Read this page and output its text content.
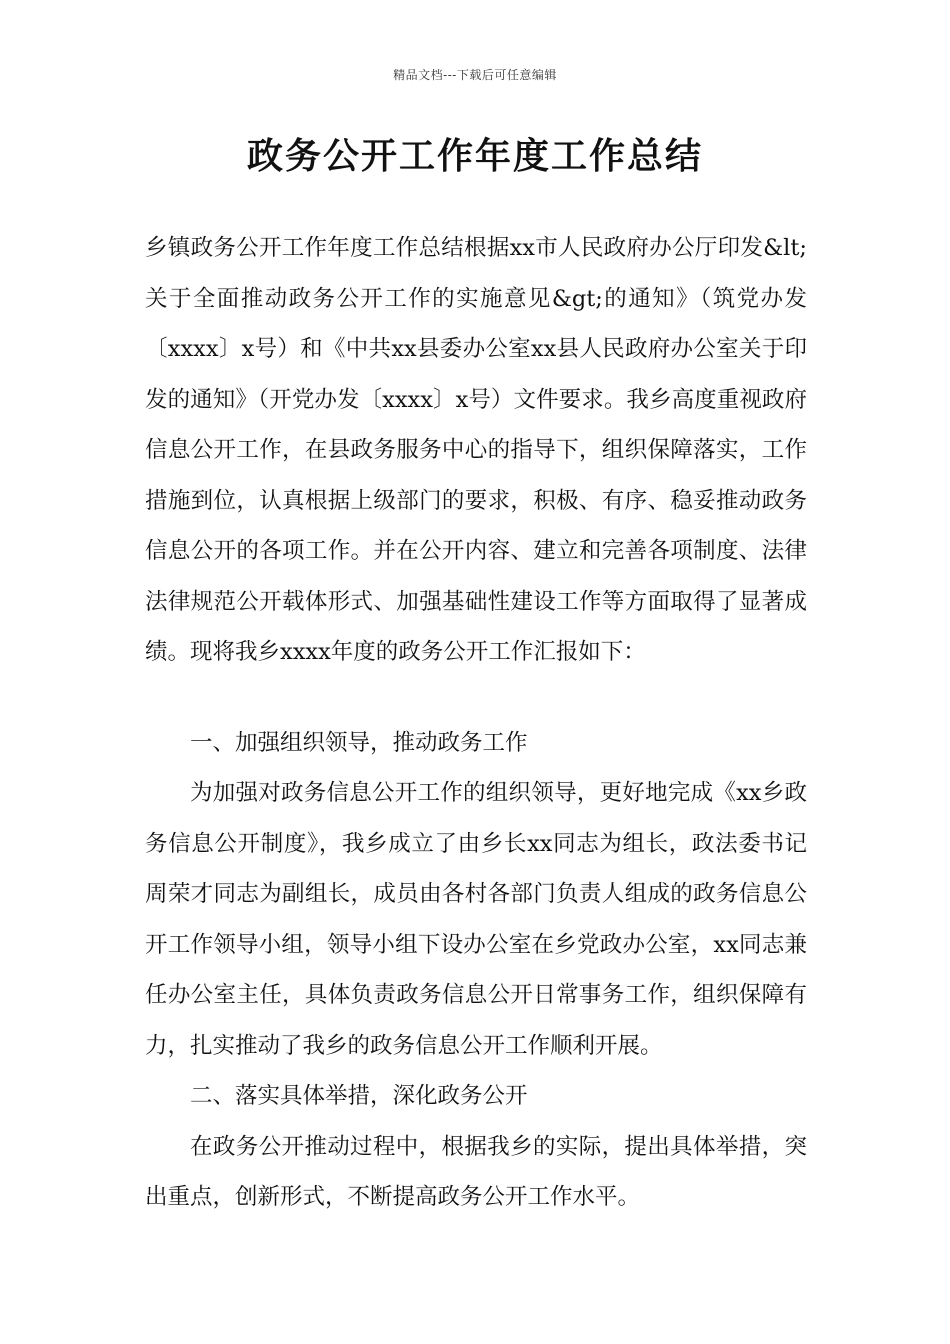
精品文档---下载后可任意编辑
政务公开工作年度工作总结

乡镇政务公开工作年度工作总结根据xx市人民政府办公厅印发&lt;关于全面推动政务公开工作的实施意见&gt;的通知》（筑党办发〔xxxx〕x号）和《中共xx县委办公室xx县人民政府办公室关于印发的通知》（开党办发〔xxxx〕x号）文件要求。我乡高度重视政府信息公开工作，在县政务服务中心的指导下，组织保障落实，工作措施到位，认真根据上级部门的要求，积极、有序、稳妥推动政务信息公开的各项工作。并在公开内容、建立和完善各项制度、法律法律规范公开载体形式、加强基础性建设工作等方面取得了显著成绩。现将我乡xxxx年度的政务公开工作汇报如下：

一、加强组织领导，推动政务工作

为加强对政务信息公开工作的组织领导，更好地完成《xx乡政务信息公开制度》，我乡成立了由乡长xx同志为组长，政法委书记周荣才同志为副组长，成员由各村各部门负责人组成的政务信息公开工作领导小组，领导小组下设办公室在乡党政办公室，xx同志兼任办公室主任，具体负责政务信息公开日常事务工作，组织保障有力，扎实推动了我乡的政务信息公开工作顺利开展。

二、落实具体举措，深化政务公开

在政务公开推动过程中，根据我乡的实际，提出具体举措，突出重点，创新形式，不断提高政务公开工作水平。
